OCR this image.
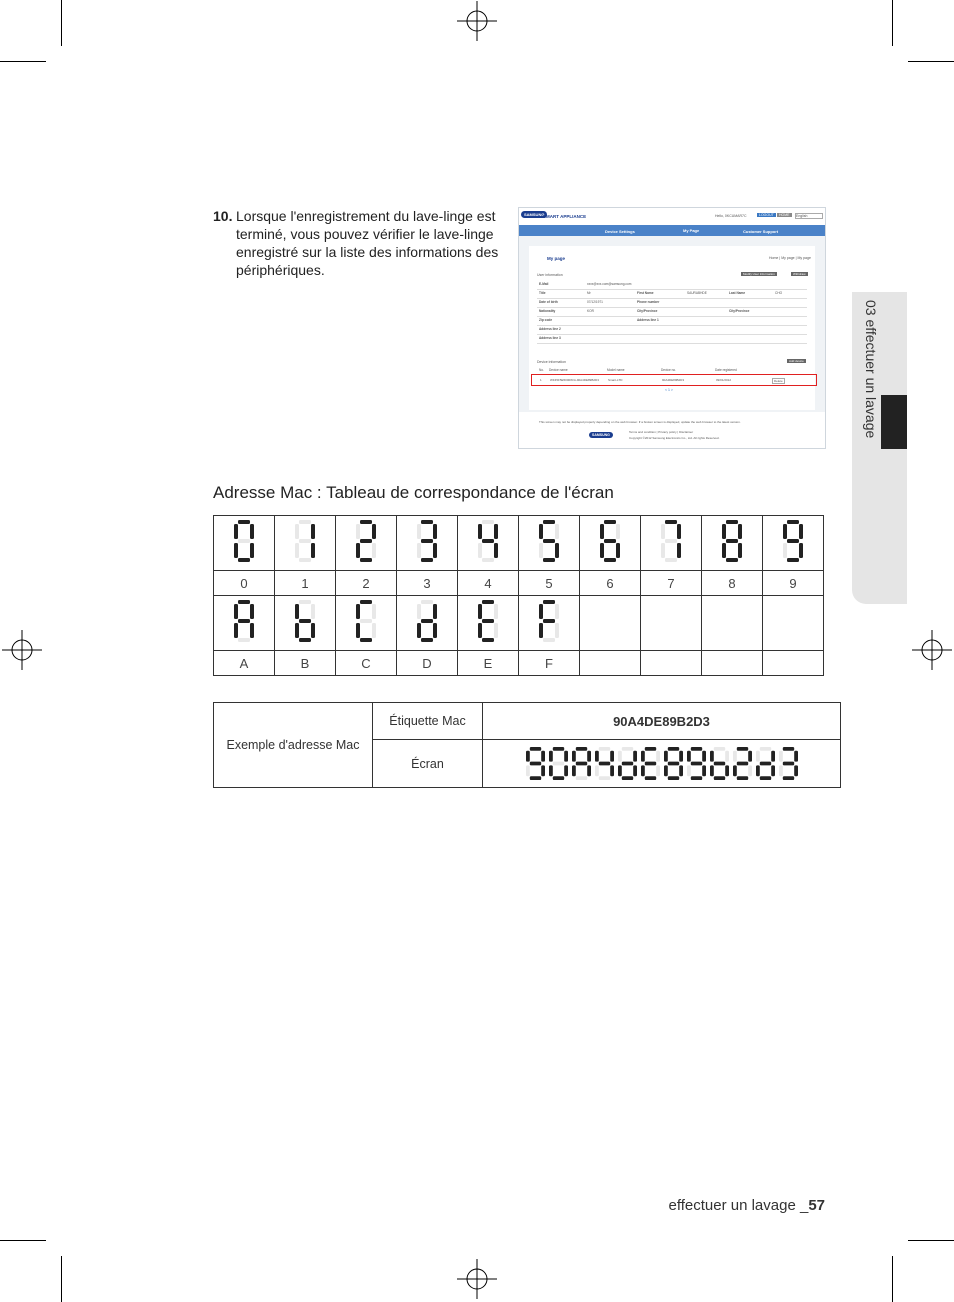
10. Lorsque l'enregistrement du lave-linge est terminé, vous pouvez vérifier le lave-linge enregistré sur la liste des informations des périphériques.
SAMSUNG
SMART APPLIANCE	Hello, 0KCUMAR7C	LOGOUT	HOME	English
Device Settings	My Page	Customer Support
My page	Home | My page | My page
User information	Modify User Information	Withdraw
E-Mail	xxxx@xxx.com@samsung.com
Title	Mr	First Name	SAURABHDE	Last Name	CHO
Date of birth	07/12/1971	Phone number
Nationality	KOR	City/Province	City/Province
Zip code	Address line 1
Address line 2
Address line 3
Device information	Add device
No. Device name	Model name	Device no.	Date registered
1	WF45F5E5000W/A-90A4DE89B2D3	Smart-LTD	90A4DE89B2D3	09/01/2012	Delete
< 1 >
This screen may not be displayed properly depending on the web browser. If a broken screen is displayed, update the web browser to the latest version.
SAMSUNG
Terms and condition | Privacy policy | Disclaimer
Copyright ©2012 Samsung Electronics Co., Ltd. All rights Reserved.
Adresse Mac : Tableau de correspondance de l'écran

0	1	2	3	4	5	6	7	8	9

A	B	C	D	E	F				
Exemple d'adresse Mac	Étiquette Mac	90A4DE89B2D3
	Écran	
03 effectuer un lavage
effectuer un lavage _57
